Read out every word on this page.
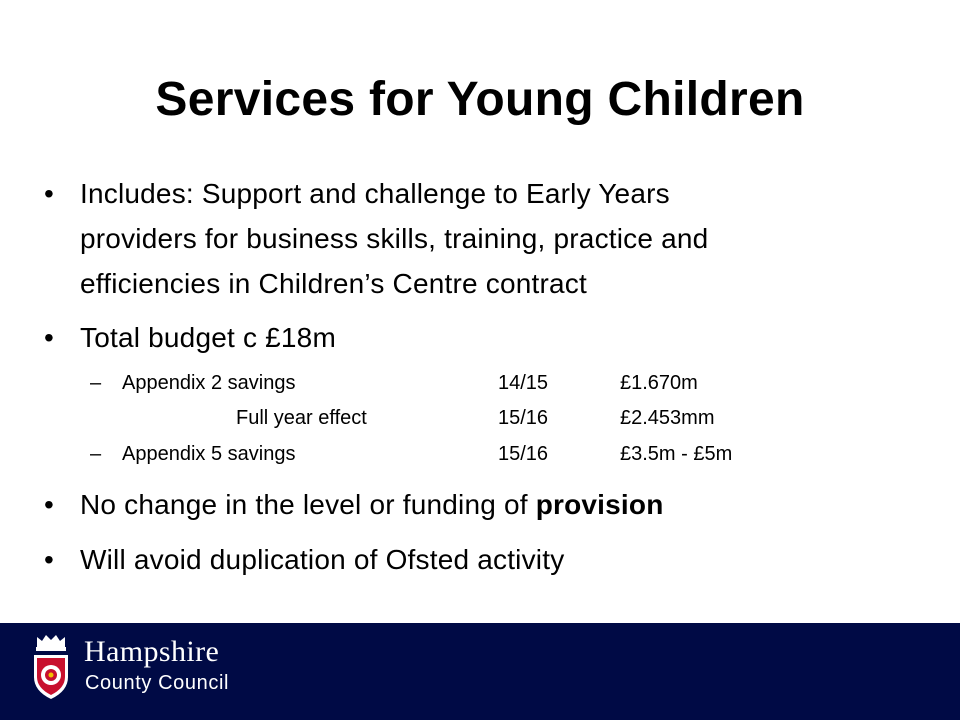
Services for Young Children
• Includes: Support and challenge to Early Years
providers for business skills, training, practice and
efficiencies in Children’s Centre contract
• Total budget c £18m
– Appendix 2 savings	14/15	£1.670m
Full year effect	15/16	£2.453mm
– Appendix 5 savings	15/16	£3.5m - £5m
• No change in the level or funding of provision
• Will avoid duplication of Ofsted activity
Hampshire
County Council
